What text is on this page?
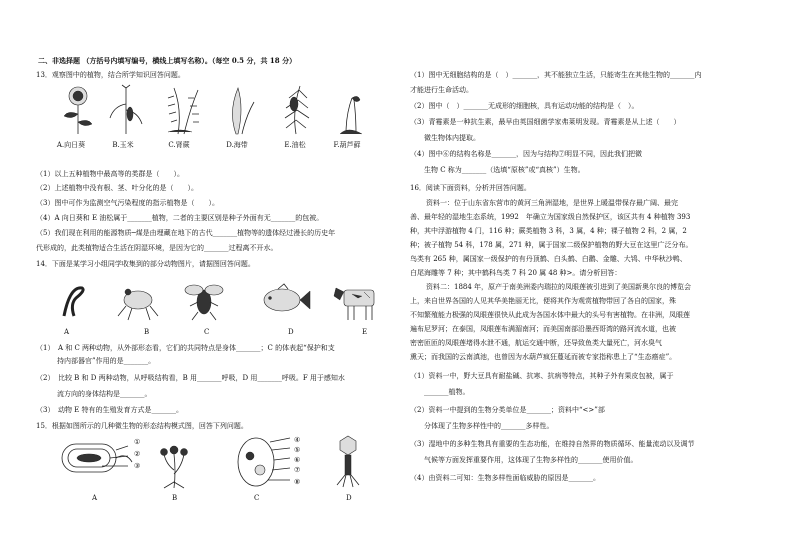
二、非选择题 （方括号内填写编号，横线上填写名称）。（每空 0.5 分，共 18 分）
13．观察图中的植物，结合所学知识回答问题。
A.向日葵	B.玉米	C.肾蕨	D.海带	E.油松	F.葫芦藓
（1）以上五种植物中最高等的类群是（　　）。
（2）上述植物中没有根、茎、叶分化的是（　　）。
（3）图中可作为监测空气污染程度的指示植物是（　　）。
（4）A 向日葵和 E 油松属于_______植物，二者的主要区别是种子外面有无_______的包被。
（5）我们现在利用的能源物质─煤是由埋藏在地下的古代_______植物等的遗体经过漫长的历史年
代形成的，此类植物适合生活在阴湿环境，是因为它的_______过程离不开水。
14．下面是某学习小组同学收集到的部分动物图片，请据图回答问题。
A	B	C	D	E
（1）　A 和 C 两种动物，从外部形态看，它们的共同特点是身体_______；C 的体表起“保护和支
　　　持内部器官”作用的是_______。
（2）　比较 B 和 D 两种动物，从呼吸结构看，B 用_______呼吸，D 用_______呼吸。F 用于感知水
　　　流方向的身体结构是_______。
（3）　动物 E 特有的生殖发育方式是_______。
15．根据如图所示的几种微生物的形态结构模式图，回答下列问题。
①
②
③
④
⑤
⑥
⑦
⑧
A	B	C	D
（1）图中无细胞结构的是（　）_______，其不能独立生活，只能寄生在其他生物的_______内
才能进行生命活动。
（2）图中（　）_______无成形的细胞核，具有运动功能的结构是（　）。
（3）青霉素是一种抗生素，最早由英国细菌学家弗莱明发现。青霉素是从上述（　　）
　　微生物体内提取。
（4）图中⑥的结构名称是_______，因为与结构⑦明显不同，因此我们把微
　　生物 C 称为_______（选填“原核”或“真核”）生物。
16．阅读下面资料，分析并回答问题。
资料一：位于山东省东营市的黄河三角洲湿地，是世界上暖温带保存最广阔、最完
善、最年轻的湿地生态系统，1992　年确立为国家级自然保护区，该区共有 4 种植物 393
种，其中浮游植物 4 门，116 种；蕨类植物 3 科，3 属，4 种；裸子植物 2 科，2 属，2
种；被子植物 54 科，178 属，271 种，属于国家二级保护植物的野大豆在这里广泛分布。
鸟类有 265 种，属国家一级保护的有丹顶鹤、白头鹤、白鹳、金雕、大鸨、中华秋沙鸭、
白尾海雕等 7 种；其中鹤科鸟类 7 科 20 属 48 种>。请分析回答：
资料二：1884 年，原产于南美洲委内瑞拉的凤眼莲被引进到了美国新奥尔良的博览会
上，来自世界各国的人见其华美艳丽无比，便将其作为观赏植物带回了各自的国家，殊
不知繁殖能力极强的凤眼莲很快从此成为各国水体中最大的头号有害植物。在非洲，凤眼莲
遍布尼罗河；在泰国，凤眼莲布满湄南河；而美国南部沿墨西哥湾的路河流水道，也被
密密匝匝的凤眼莲堵得水泄不通，航运交通中断，还导致鱼类大量死亡，河水臭气
熏天；而我国的云南滇池，也曾因为水葫芦疯狂蔓延而被专家指称患上了“生态癌症”。
（1）资料一中，野大豆具有耐盐碱、抗寒、抗病等特点，其种子外有果皮包被，属于
　　_______植物。
（2）资料一中提到的生物分类单位是_______；资料中“<>”部
　　分体现了生物多样性中的_______多样性。
（3）湿地中的多种生物具有重要的生态功能，在维持自然界的物质循环、能量流动以及调节
　　气候等方面发挥重要作用，这体现了生物多样性的_______使用价值。
（4）由资料二可知：生物多样性面临威胁的原因是_______。
